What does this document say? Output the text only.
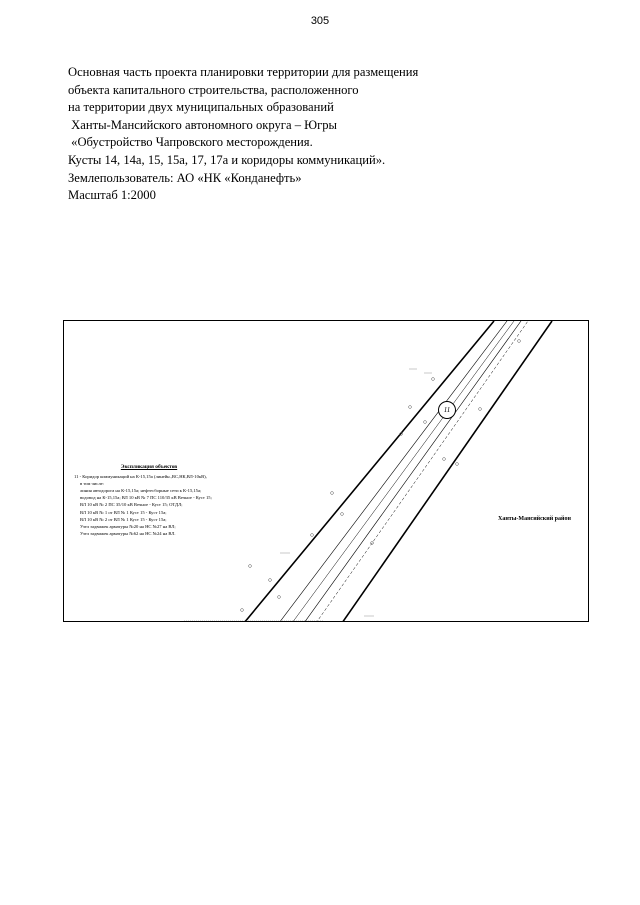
305
Основная часть проекта планировки территории для размещения
объекта капитального строительства, расположенного
на территории двух муниципальных образований
Ханты-Мансийского автономного округа – Югры
«Обустройство Чапровского месторождения.
Кусты 14, 14а, 15, 15а, 17, 17а и коридоры коммуникаций».
Землепользователь: АО «НК «Конданефть»
Масштаб 1:2000
11
Экспликация объектов
11 - Коридор коммуникаций на К-15,15а (линейн.,ВС,НК,ВЛ-10кВ),
в том числе:
линия автодорога на К-15,15а; нефтесборные сети к К-15,15а;
водовод на К-15,15а; ВЛ 10 кВ № 7 ПС 110/35 кВ Вечное - Куст 15;
ВЛ 10 кВ № 2 ПС 35/10 кВ Вечное - Куст 15; ОТДЛ;
ВЛ 10 кВ № 1 от ВЛ № 1 Куст 15 - Куст 15а;
ВЛ 10 кВ № 2 от ВЛ № 1 Куст 15 - Куст 15а;
Узел задвижек арматуры №20 на НС №27 на ВЛ;
Узел задвижек арматуры №62 на НС №24 на ВЛ.
Ханты-Мансийский район
